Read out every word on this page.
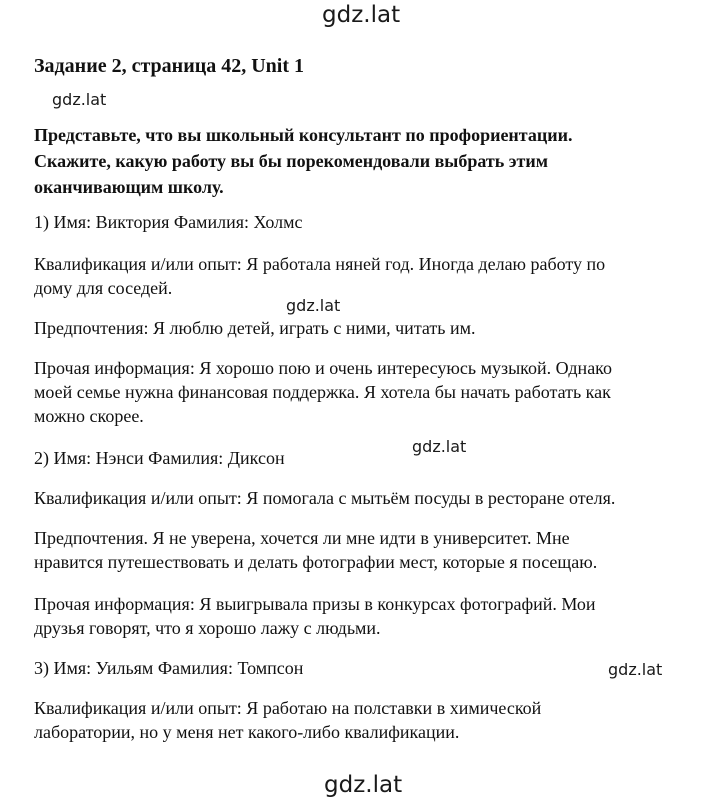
gdz.lat
Задание 2, страница 42, Unit 1
gdz.lat
Представьте, что вы школьный консультант по профориентации.
Скажите, какую работу вы бы порекомендовали выбрать этим
оканчивающим школу.
1) Имя: Виктория Фамилия: Холмс
Квалификация и/или опыт: Я работала няней год. Иногда делаю работу по
дому для соседей.
gdz.lat
Предпочтения: Я люблю детей, играть с ними, читать им.
Прочая информация: Я хорошо пою и очень интересуюсь музыкой. Однако
моей семье нужна финансовая поддержка. Я хотела бы начать работать как
можно скорее.
gdz.lat
2) Имя: Нэнси Фамилия: Диксон
Квалификация и/или опыт: Я помогала с мытьём посуды в ресторане отеля.
Предпочтения. Я не уверена, хочется ли мне идти в университет. Мне
нравится путешествовать и делать фотографии мест, которые я посещаю.
Прочая информация: Я выигрывала призы в конкурсах фотографий. Мои
друзья говорят, что я хорошо лажу с людьми.
3) Имя: Уильям Фамилия: Томпсон	gdz.lat
Квалификация и/или опыт: Я работаю на полставки в химической
лаборатории, но у меня нет какого-либо квалификации.
gdz.lat
